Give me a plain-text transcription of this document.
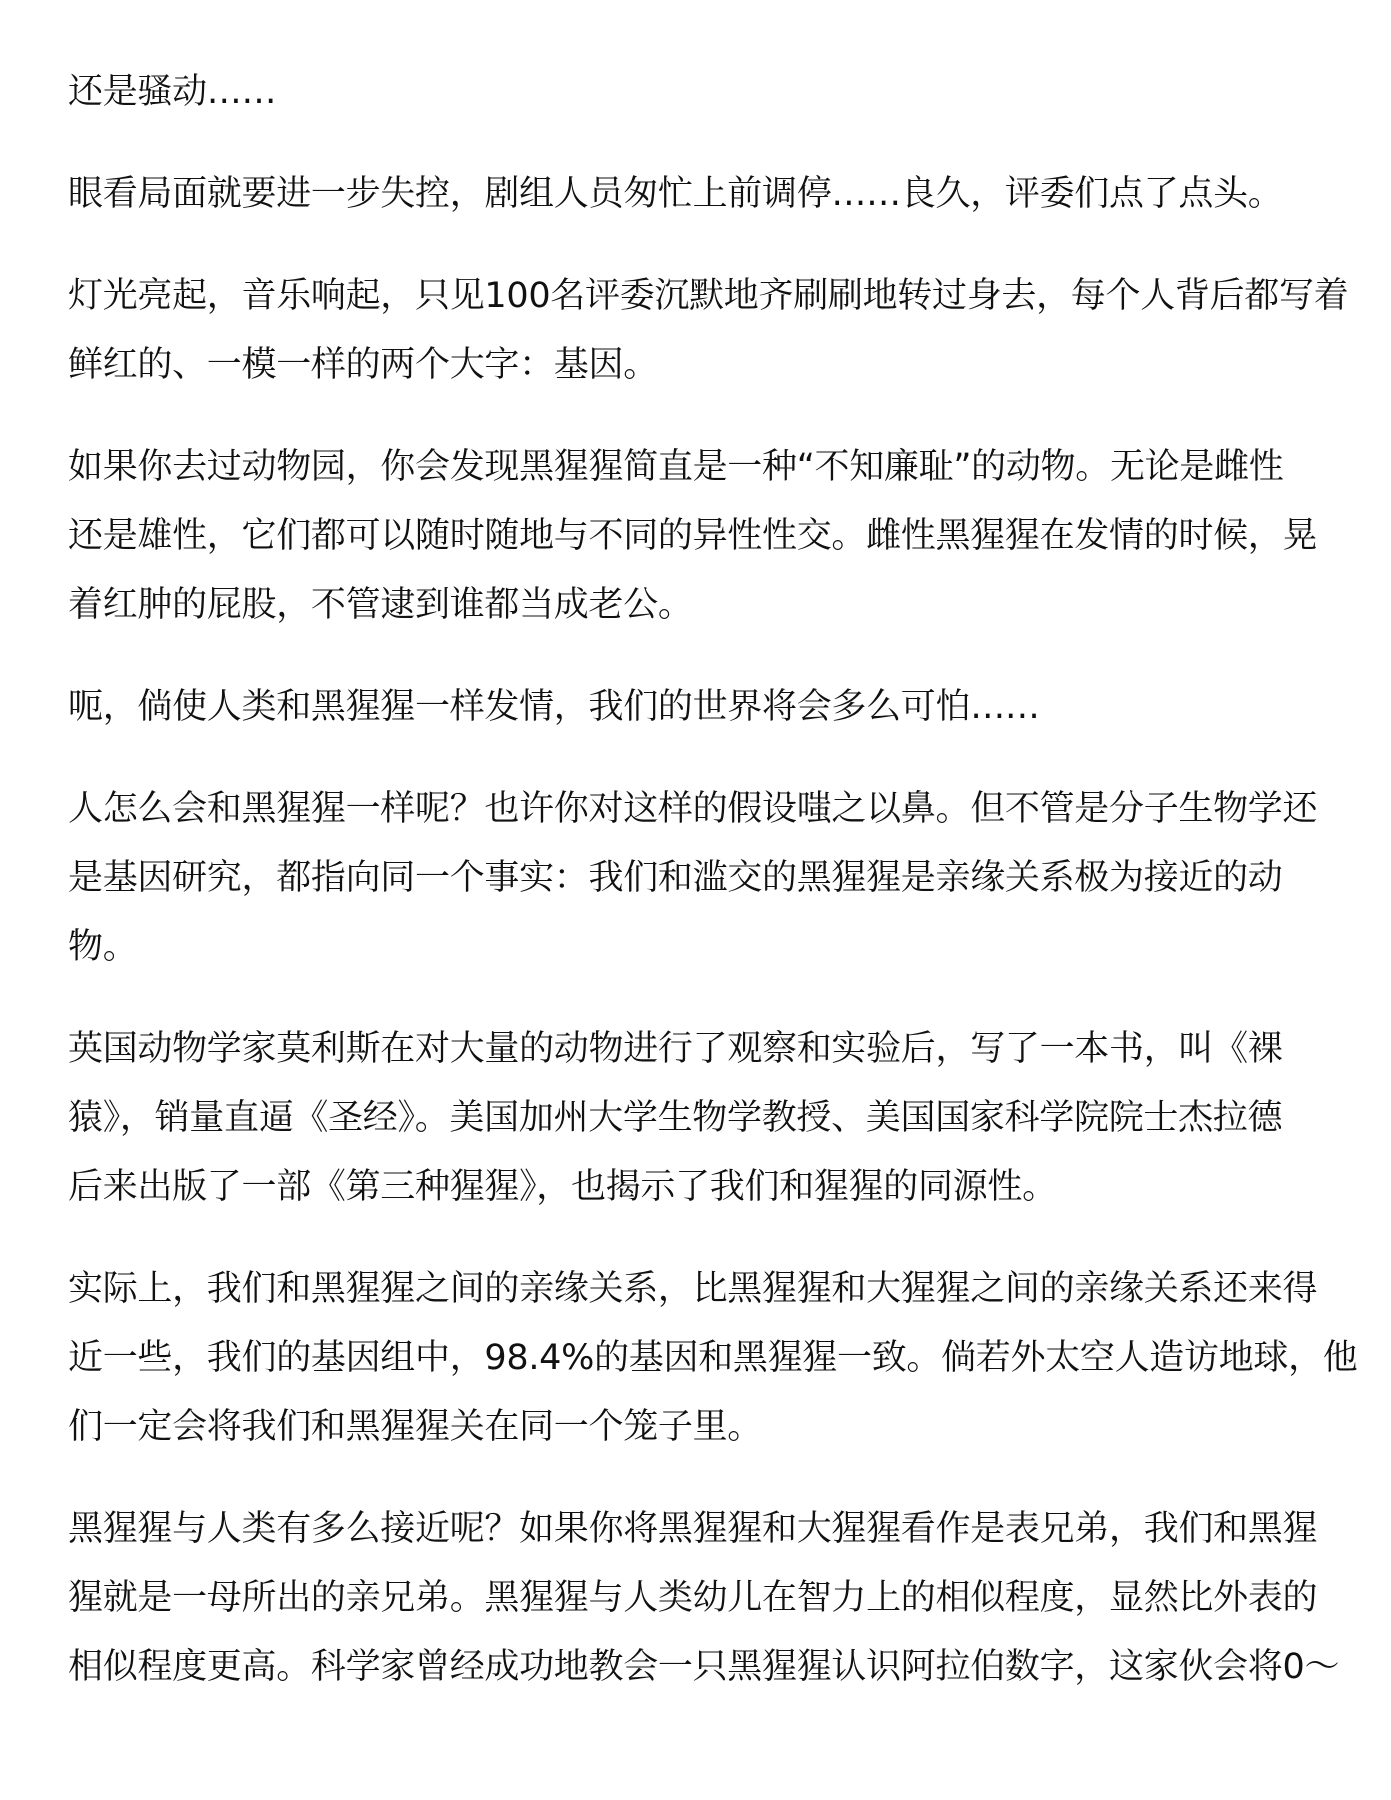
还是骚动……

眼看局面就要进一步失控，剧组人员匆忙上前调停……良久，评委们点了点头。

灯光亮起，音乐响起，只见100名评委沉默地齐刷刷地转过身去，每个人背后都写着
鲜红的、一模一样的两个大字：基因。

如果你去过动物园，你会发现黑猩猩简直是一种“不知廉耻”的动物。无论是雌性
还是雄性，它们都可以随时随地与不同的异性性交。雌性黑猩猩在发情的时候，晃
着红肿的屁股，不管逮到谁都当成老公。

呃，倘使人类和黑猩猩一样发情，我们的世界将会多么可怕……

人怎么会和黑猩猩一样呢？也许你对这样的假设嗤之以鼻。但不管是分子生物学还
是基因研究，都指向同一个事实：我们和滥交的黑猩猩是亲缘关系极为接近的动
物。

英国动物学家莫利斯在对大量的动物进行了观察和实验后，写了一本书，叫《裸
猿》，销量直逼《圣经》。美国加州大学生物学教授、美国国家科学院院士杰拉德
后来出版了一部《第三种猩猩》，也揭示了我们和猩猩的同源性。

实际上，我们和黑猩猩之间的亲缘关系，比黑猩猩和大猩猩之间的亲缘关系还来得
近一些，我们的基因组中，98.4%的基因和黑猩猩一致。倘若外太空人造访地球，他
们一定会将我们和黑猩猩关在同一个笼子里。

黑猩猩与人类有多么接近呢？如果你将黑猩猩和大猩猩看作是表兄弟，我们和黑猩
猩就是一母所出的亲兄弟。黑猩猩与人类幼儿在智力上的相似程度，显然比外表的
相似程度更高。科学家曾经成功地教会一只黑猩猩认识阿拉伯数字，这家伙会将0～
